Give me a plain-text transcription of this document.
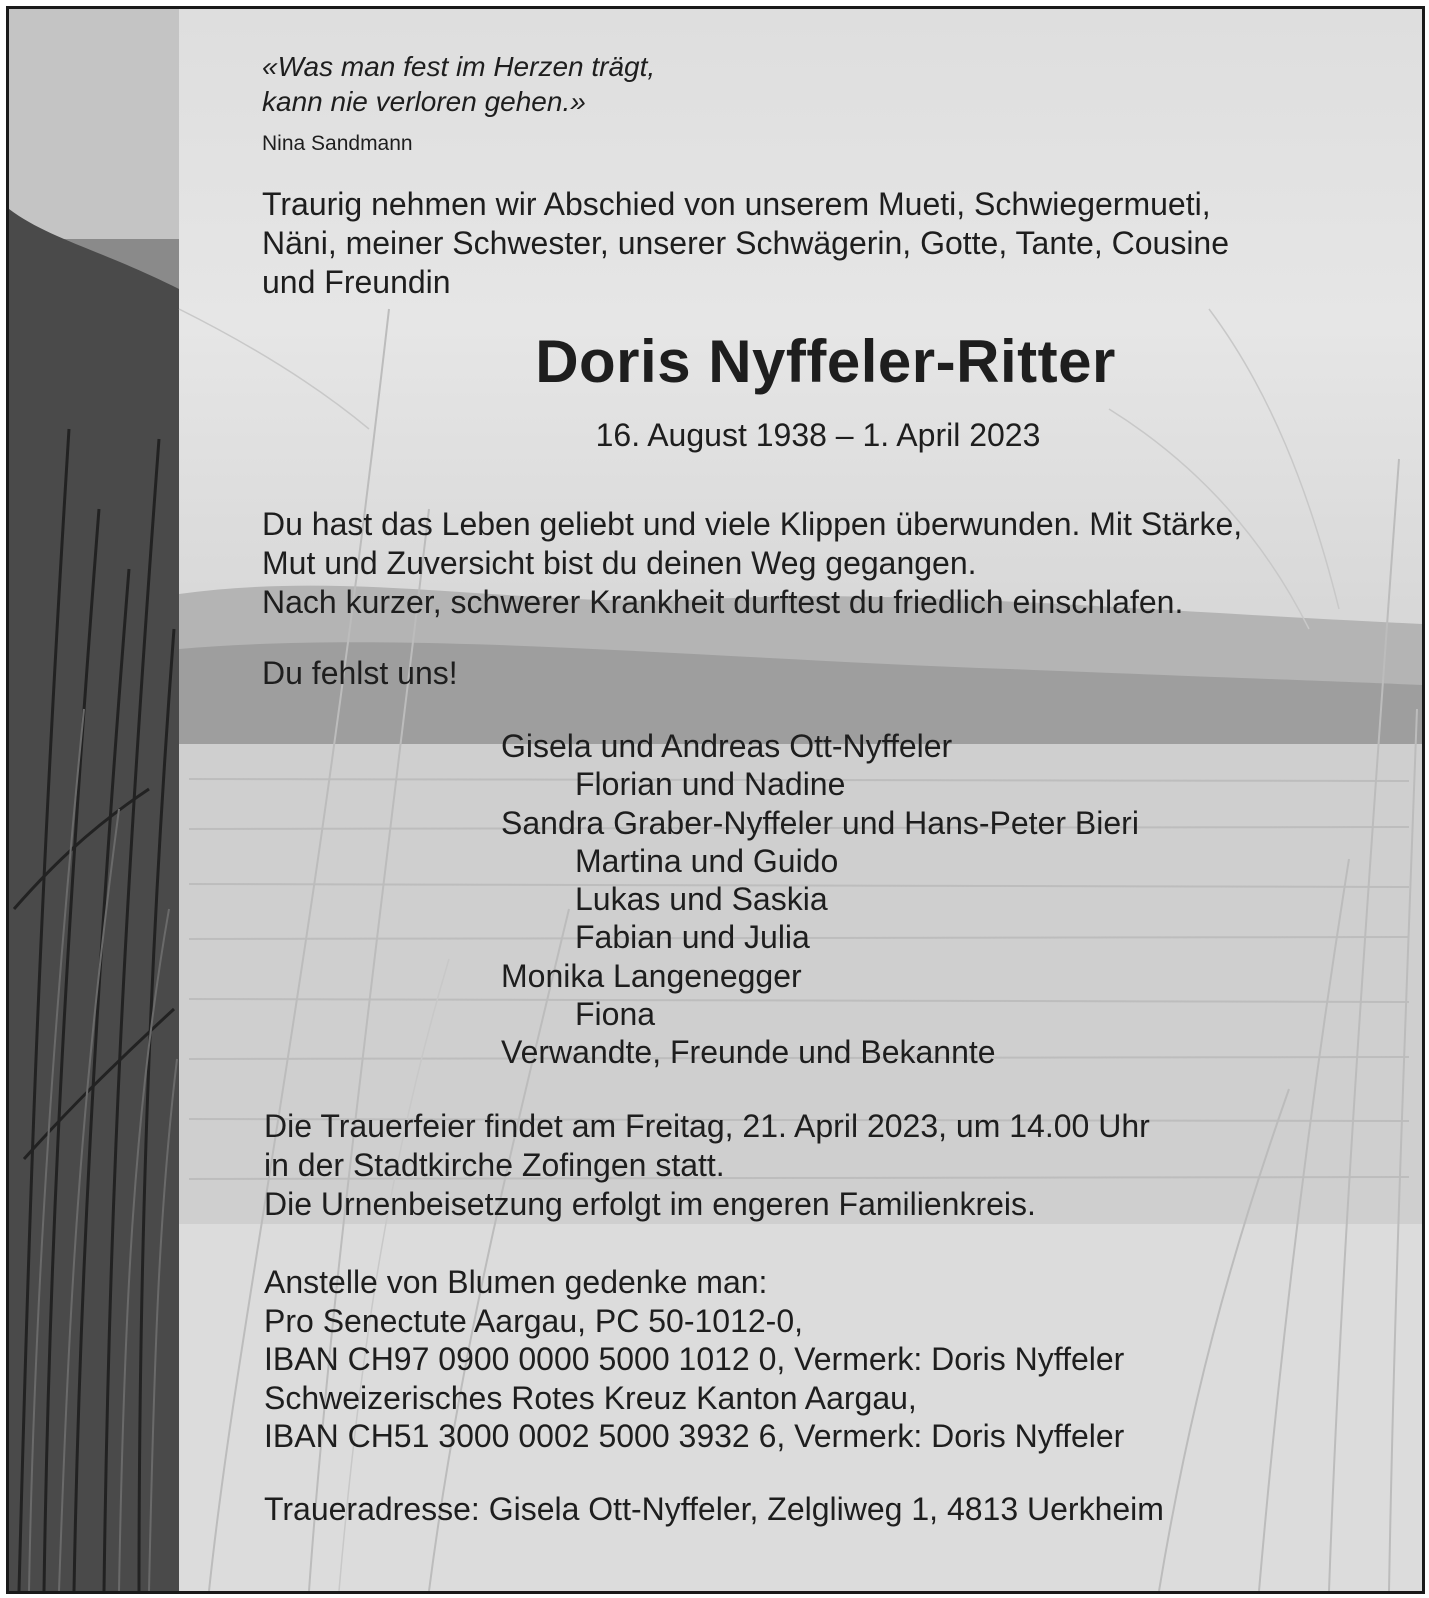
«Was man fest im Herzen trägt,
kann nie verloren gehen.»
Nina Sandmann
Traurig nehmen wir Abschied von unserem Mueti, Schwiegermueti,
Näni, meiner Schwester, unserer Schwägerin, Gotte, Tante, Cousine
und Freundin
Doris Nyffeler-Ritter
16. August 1938 – 1. April 2023
Du hast das Leben geliebt und viele Klippen überwunden. Mit Stärke,
Mut und Zuversicht bist du deinen Weg gegangen.
Nach kurzer, schwerer Krankheit durftest du friedlich einschlafen.
Du fehlst uns!
Gisela und Andreas Ott-Nyffeler
Florian und Nadine
Sandra Graber-Nyffeler und Hans-Peter Bieri
Martina und Guido
Lukas und Saskia
Fabian und Julia
Monika Langenegger
Fiona
Verwandte, Freunde und Bekannte
Die Trauerfeier findet am Freitag, 21. April 2023, um 14.00 Uhr
in der Stadtkirche Zofingen statt.
Die Urnenbeisetzung erfolgt im engeren Familienkreis.
Anstelle von Blumen gedenke man:
Pro Senectute Aargau, PC 50-1012-0,
IBAN CH97 0900 0000 5000 1012 0, Vermerk: Doris Nyffeler
Schweizerisches Rotes Kreuz Kanton Aargau,
IBAN CH51 3000 0002 5000 3932 6, Vermerk: Doris Nyffeler
Traueradresse: Gisela Ott-Nyffeler, Zelgliweg 1, 4813 Uerkheim
